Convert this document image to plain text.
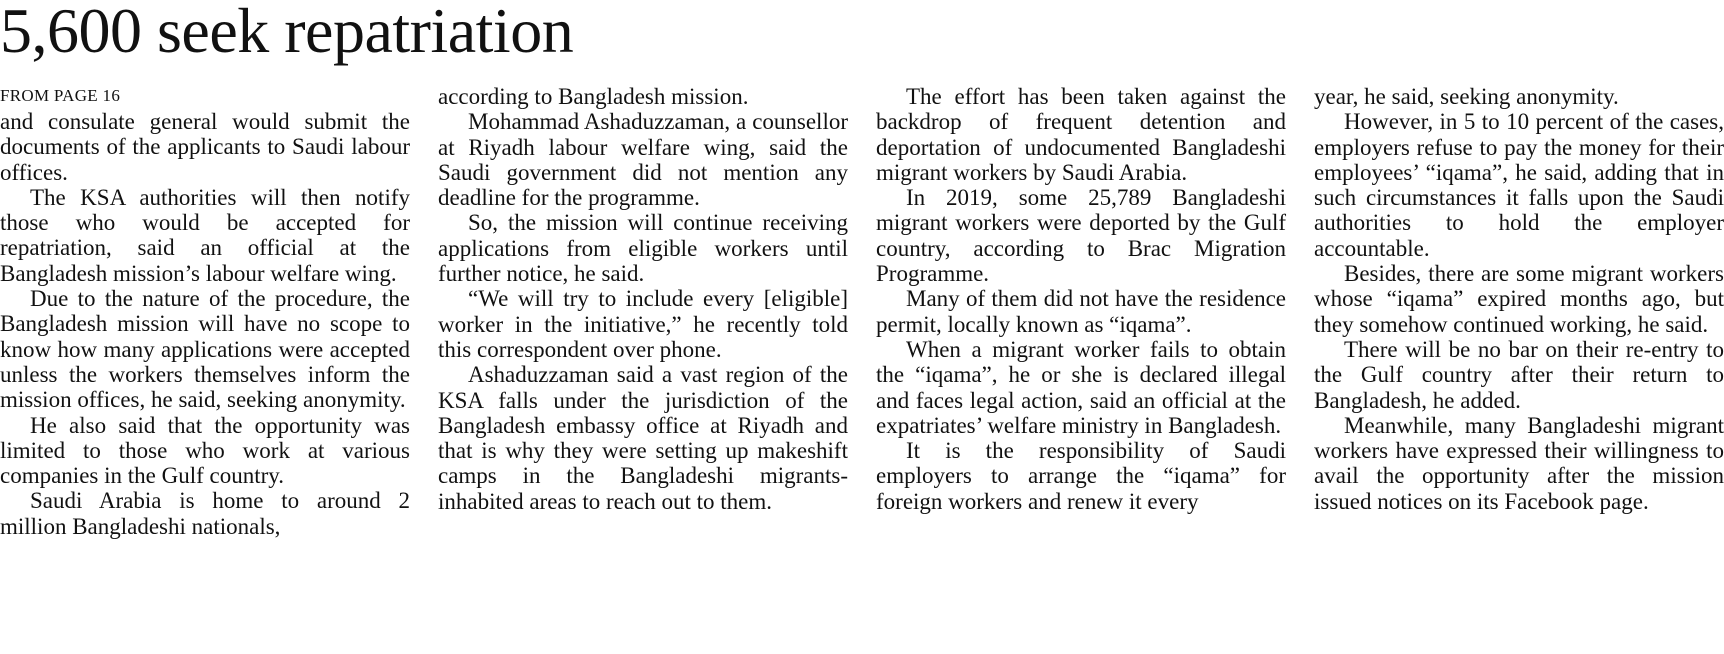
5,600 seek repatriation
FROM PAGE 16

and consulate general would submit the documents of the applicants to Saudi labour offices.

The KSA authorities will then notify those who would be accepted for repatriation, said an official at the Bangladesh mission’s labour welfare wing.

Due to the nature of the procedure, the Bangladesh mission will have no scope to know how many applications were accepted unless the workers themselves inform the mission offices, he said, seeking anonymity.

He also said that the opportunity was limited to those who work at various companies in the Gulf country.

Saudi Arabia is home to around 2 million Bangladeshi nationals,

according to Bangladesh mission.

Mohammad Ashaduzzaman, a counsellor at Riyadh labour welfare wing, said the Saudi government did not mention any deadline for the programme.

So, the mission will continue receiving applications from eligible workers until further notice, he said.

“We will try to include every [eligible] worker in the initiative,” he recently told this correspondent over phone.

Ashaduzzaman said a vast region of the KSA falls under the jurisdiction of the Bangladesh embassy office at Riyadh and that is why they were setting up makeshift camps in the Bangladeshi migrants-inhabited areas to reach out to them.

The effort has been taken against the backdrop of frequent detention and deportation of undocumented Bangladeshi migrant workers by Saudi Arabia.

In 2019, some 25,789 Bangladeshi migrant workers were deported by the Gulf country, according to Brac Migration Programme.

Many of them did not have the residence permit, locally known as “iqama”.

When a migrant worker fails to obtain the “iqama”, he or she is declared illegal and faces legal action, said an official at the expatriates’ welfare ministry in Bangladesh.

It is the responsibility of Saudi employers to arrange the “iqama” for foreign workers and renew it every

year, he said, seeking anonymity.

However, in 5 to 10 percent of the cases, employers refuse to pay the money for their employees’ “iqama”, he said, adding that in such circumstances it falls upon the Saudi authorities to hold the employer accountable.

Besides, there are some migrant workers whose “iqama” expired months ago, but they somehow continued working, he said.

There will be no bar on their re-entry to the Gulf country after their return to Bangladesh, he added.

Meanwhile, many Bangladeshi migrant workers have expressed their willingness to avail the opportunity after the mission issued notices on its Facebook page.
